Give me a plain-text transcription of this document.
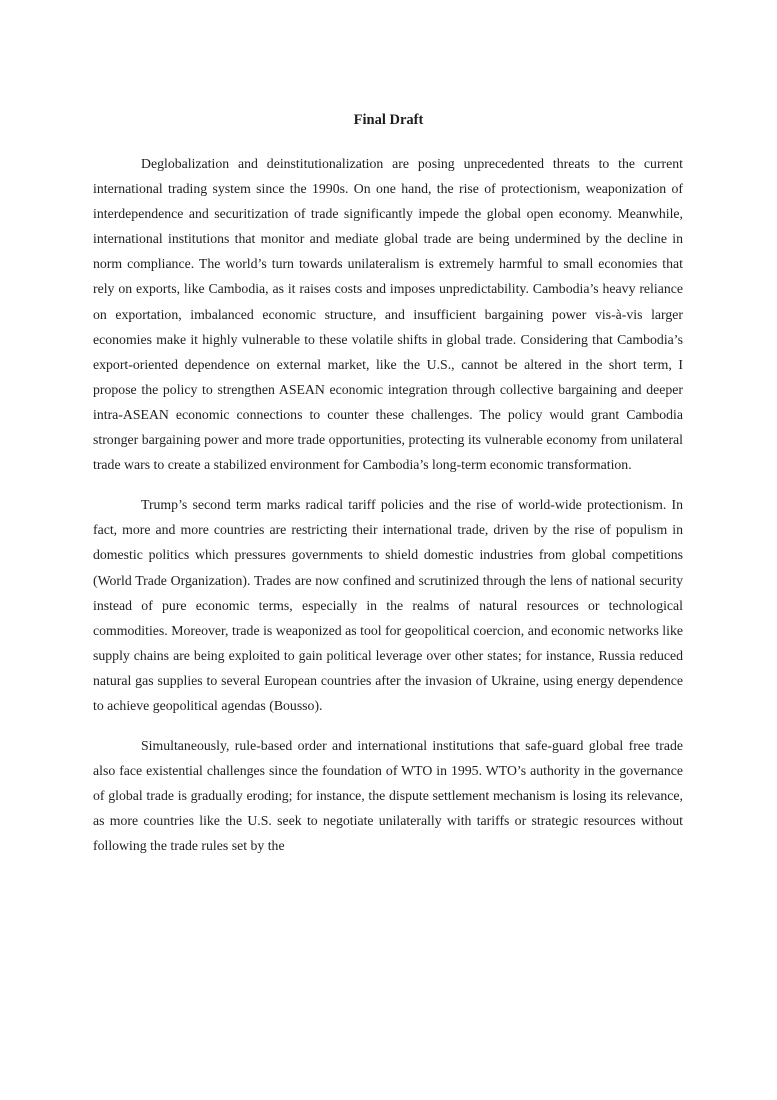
Final Draft

Deglobalization and deinstitutionalization are posing unprecedented threats to the current international trading system since the 1990s. On one hand, the rise of protectionism, weaponization of interdependence and securitization of trade significantly impede the global open economy. Meanwhile, international institutions that monitor and mediate global trade are being undermined by the decline in norm compliance. The world’s turn towards unilateralism is extremely harmful to small economies that rely on exports, like Cambodia, as it raises costs and imposes unpredictability. Cambodia’s heavy reliance on exportation, imbalanced economic structure, and insufficient bargaining power vis-à-vis larger economies make it highly vulnerable to these volatile shifts in global trade. Considering that Cambodia’s export-oriented dependence on external market, like the U.S., cannot be altered in the short term, I propose the policy to strengthen ASEAN economic integration through collective bargaining and deeper intra-ASEAN economic connections to counter these challenges. The policy would grant Cambodia stronger bargaining power and more trade opportunities, protecting its vulnerable economy from unilateral trade wars to create a stabilized environment for Cambodia’s long-term economic transformation.

Trump’s second term marks radical tariff policies and the rise of world-wide protectionism. In fact, more and more countries are restricting their international trade, driven by the rise of populism in domestic politics which pressures governments to shield domestic industries from global competitions (World Trade Organization). Trades are now confined and scrutinized through the lens of national security instead of pure economic terms, especially in the realms of natural resources or technological commodities. Moreover, trade is weaponized as tool for geopolitical coercion, and economic networks like supply chains are being exploited to gain political leverage over other states; for instance, Russia reduced natural gas supplies to several European countries after the invasion of Ukraine, using energy dependence to achieve geopolitical agendas (Bousso).

Simultaneously, rule-based order and international institutions that safe-guard global free trade also face existential challenges since the foundation of WTO in 1995. WTO’s authority in the governance of global trade is gradually eroding; for instance, the dispute settlement mechanism is losing its relevance, as more countries like the U.S. seek to negotiate unilaterally with tariffs or strategic resources without following the trade rules set by the
